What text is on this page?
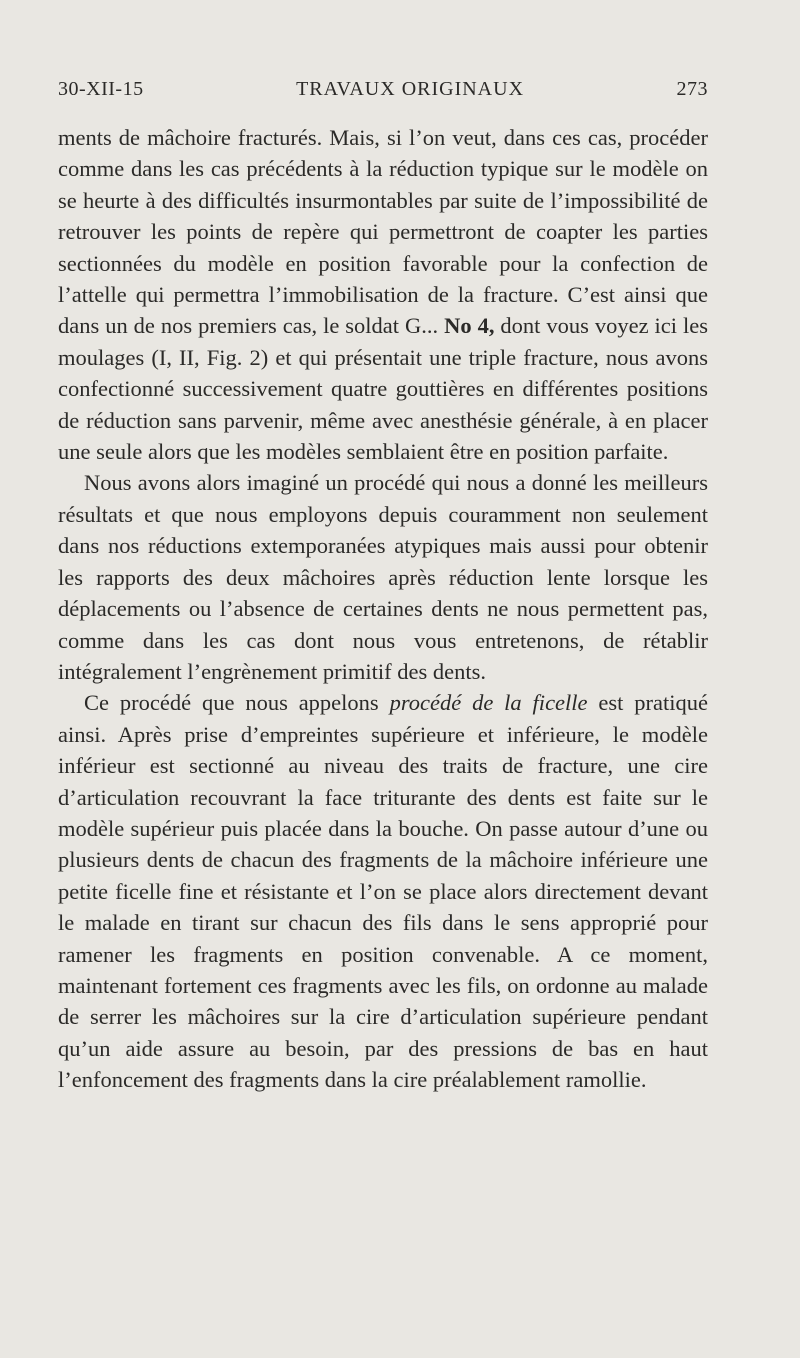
30-XII-15	TRAVAUX ORIGINAUX	273

ments de mâchoire fracturés. Mais, si l’on veut, dans ces cas, procéder comme dans les cas précédents à la réduction typique sur le modèle on se heurte à des difficultés insurmontables par suite de l’impossibilité de retrouver les points de repère qui permettront de coapter les parties sectionnées du modèle en position favorable pour la confection de l’attelle qui permettra l’immobilisation de la fracture. C’est ainsi que dans un de nos premiers cas, le soldat G... No 4, dont vous voyez ici les moulages (I, II, Fig. 2) et qui présentait une triple fracture, nous avons confectionné successivement quatre gouttières en différentes positions de réduction sans parvenir, même avec anesthésie générale, à en placer une seule alors que les modèles semblaient être en position parfaite.

Nous avons alors imaginé un procédé qui nous a donné les meilleurs résultats et que nous employons depuis couramment non seulement dans nos réductions extemporanées atypiques mais aussi pour obtenir les rapports des deux mâchoires après réduction lente lorsque les déplacements ou l’absence de certaines dents ne nous permettent pas, comme dans les cas dont nous vous entretenons, de rétablir intégralement l’engrènement primitif des dents.

Ce procédé que nous appelons procédé de la ficelle est pratiqué ainsi. Après prise d’empreintes supérieure et inférieure, le modèle inférieur est sectionné au niveau des traits de fracture, une cire d’articulation recouvrant la face triturante des dents est faite sur le modèle supérieur puis placée dans la bouche. On passe autour d’une ou plusieurs dents de chacun des fragments de la mâchoire inférieure une petite ficelle fine et résistante et l’on se place alors directement devant le malade en tirant sur chacun des fils dans le sens approprié pour ramener les fragments en position convenable. A ce moment, maintenant fortement ces fragments avec les fils, on ordonne au malade de serrer les mâchoires sur la cire d’articulation supérieure pendant qu’un aide assure au besoin, par des pressions de bas en haut l’enfoncement des fragments dans la cire préalablement ramollie.
